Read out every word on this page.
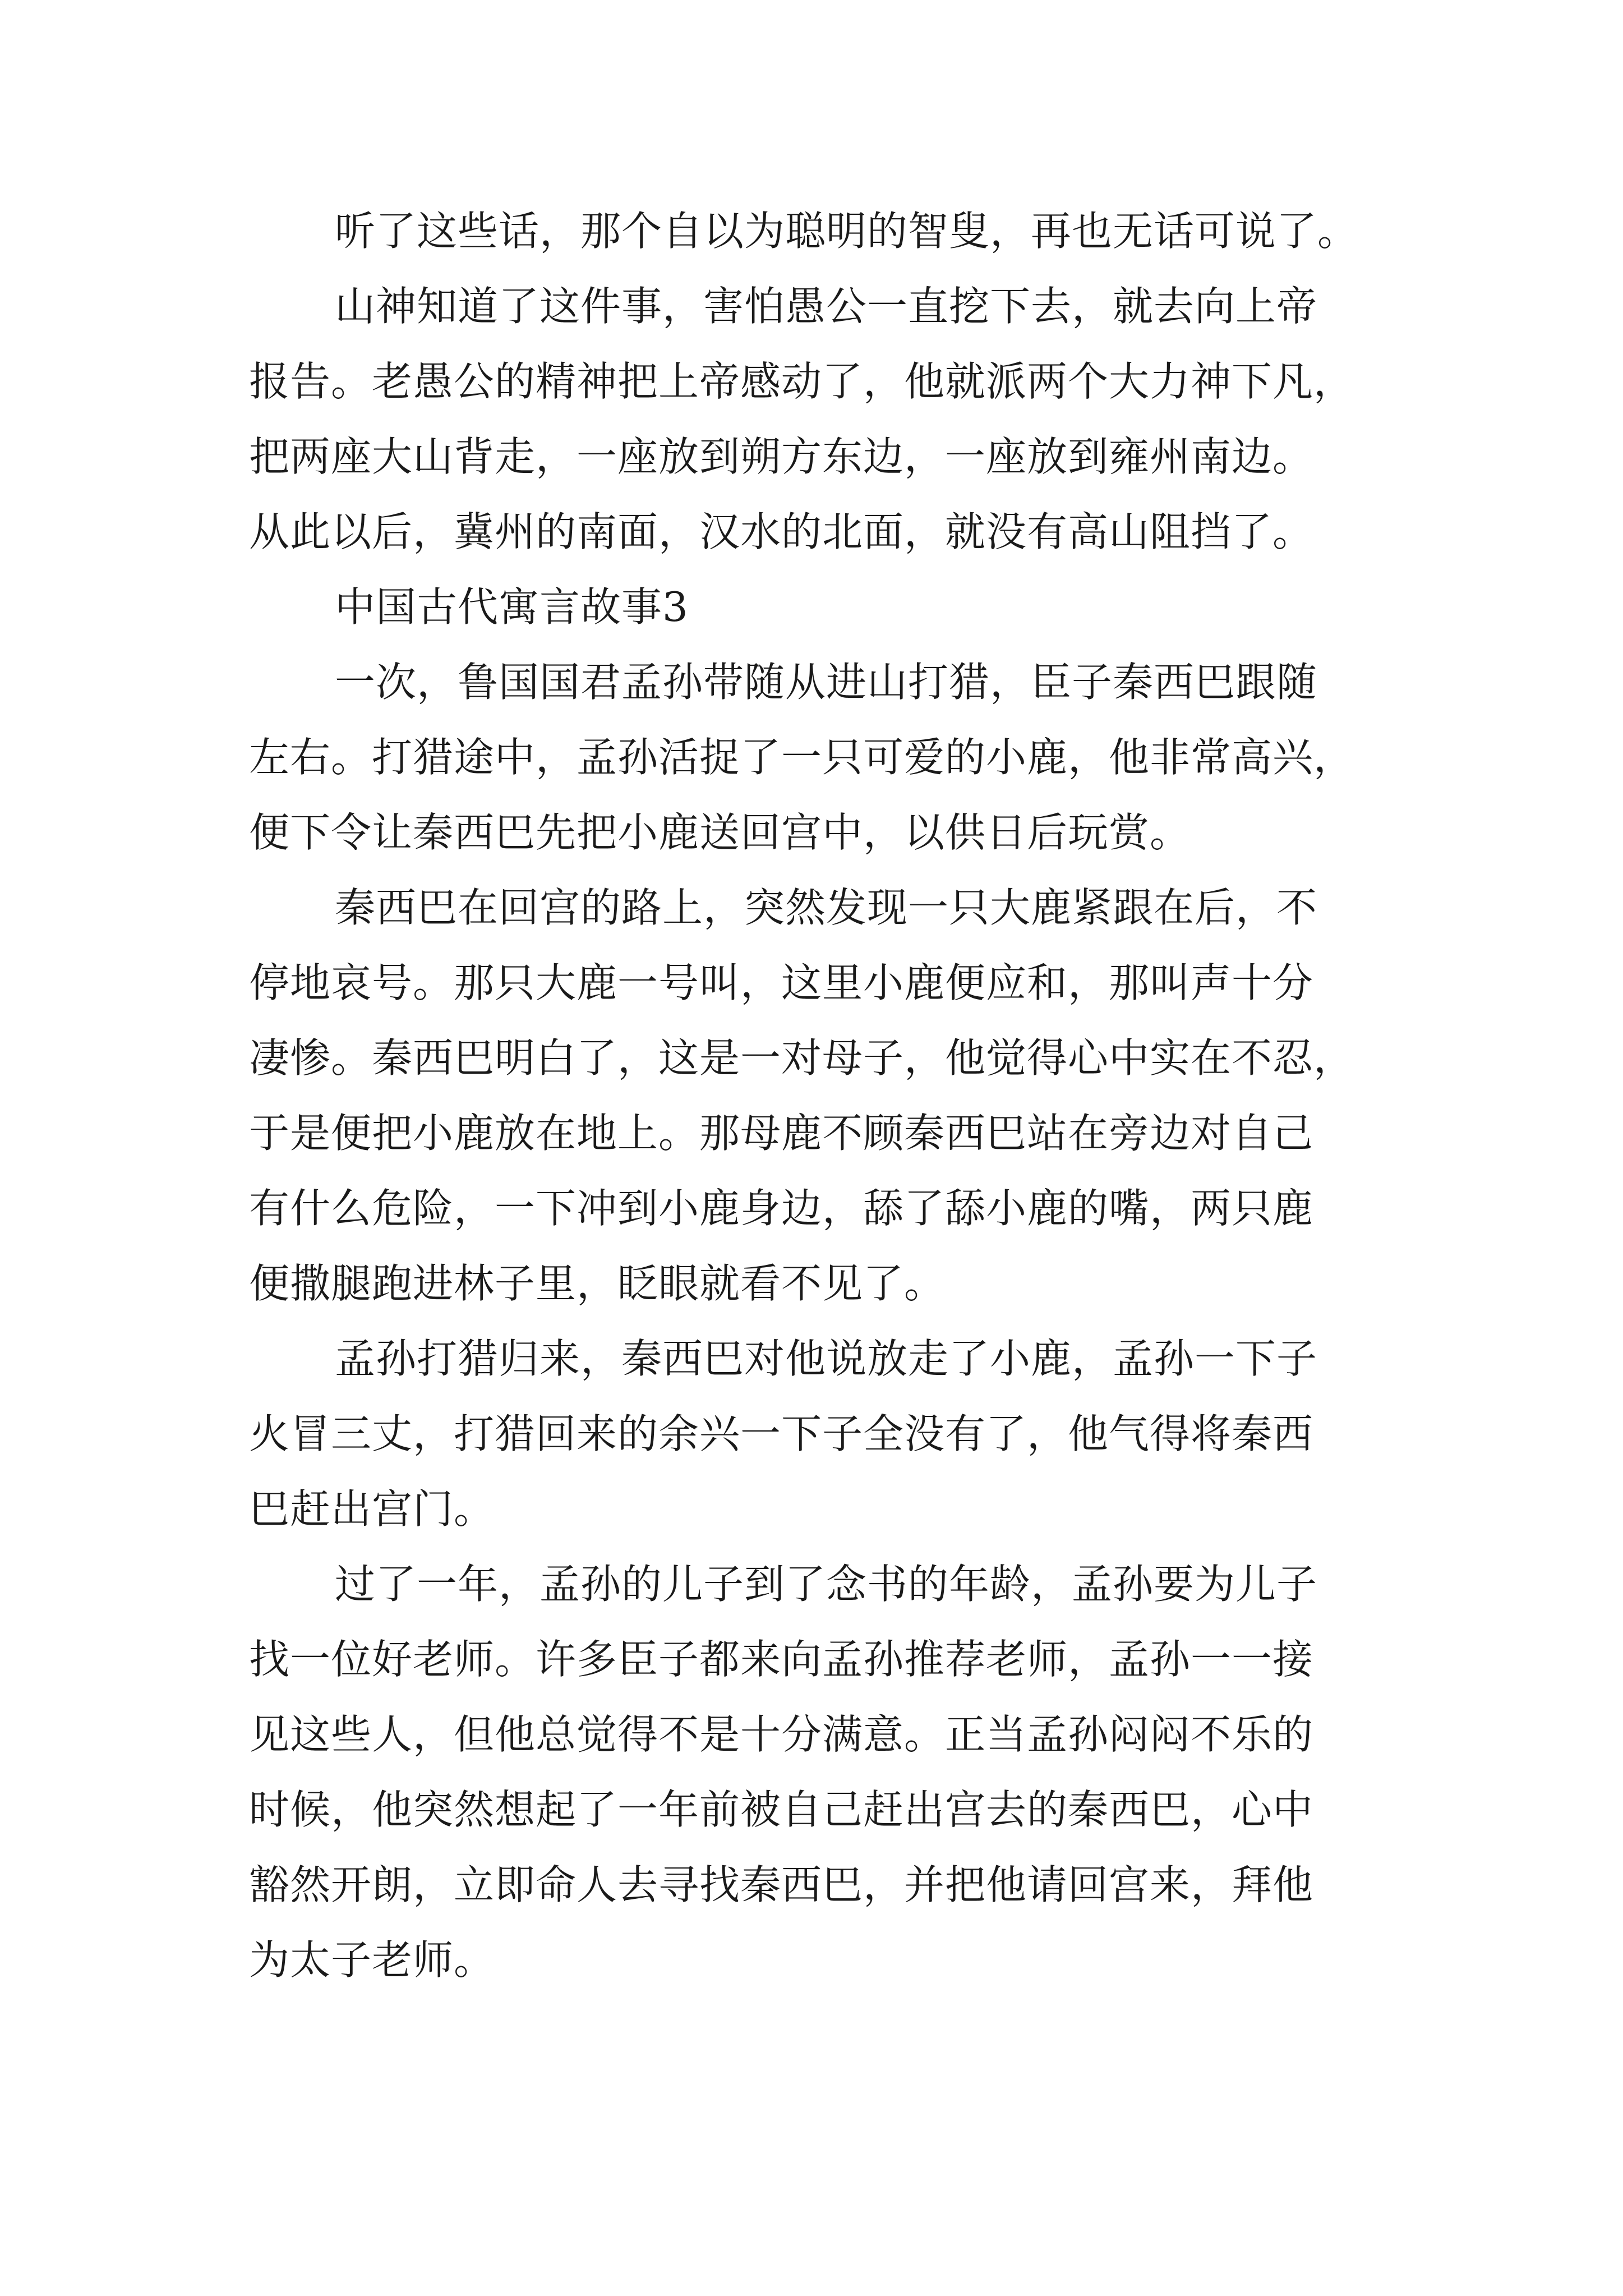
听了这些话，那个自以为聪明的智叟，再也无话可说了。
山神知道了这件事，害怕愚公一直挖下去，就去向上帝
报告。老愚公的精神把上帝感动了，他就派两个大力神下凡，
把两座大山背走，一座放到朔方东边，一座放到雍州南边。
从此以后，冀州的南面，汉水的北面，就没有高山阻挡了。
中国古代寓言故事3
一次，鲁国国君孟孙带随从进山打猎，臣子秦西巴跟随
左右。打猎途中，孟孙活捉了一只可爱的小鹿，他非常高兴，
便下令让秦西巴先把小鹿送回宫中，以供日后玩赏。
秦西巴在回宫的路上，突然发现一只大鹿紧跟在后，不
停地哀号。那只大鹿一号叫，这里小鹿便应和，那叫声十分
凄惨。秦西巴明白了，这是一对母子，他觉得心中实在不忍，
于是便把小鹿放在地上。那母鹿不顾秦西巴站在旁边对自己
有什么危险，一下冲到小鹿身边，舔了舔小鹿的嘴，两只鹿
便撒腿跑进林子里，眨眼就看不见了。
孟孙打猎归来，秦西巴对他说放走了小鹿，孟孙一下子
火冒三丈，打猎回来的余兴一下子全没有了，他气得将秦西
巴赶出宫门。
过了一年，孟孙的儿子到了念书的年龄，孟孙要为儿子
找一位好老师。许多臣子都来向孟孙推荐老师，孟孙一一接
见这些人，但他总觉得不是十分满意。正当孟孙闷闷不乐的
时候，他突然想起了一年前被自己赶出宫去的秦西巴，心中
豁然开朗，立即命人去寻找秦西巴，并把他请回宫来，拜他
为太子老师。
